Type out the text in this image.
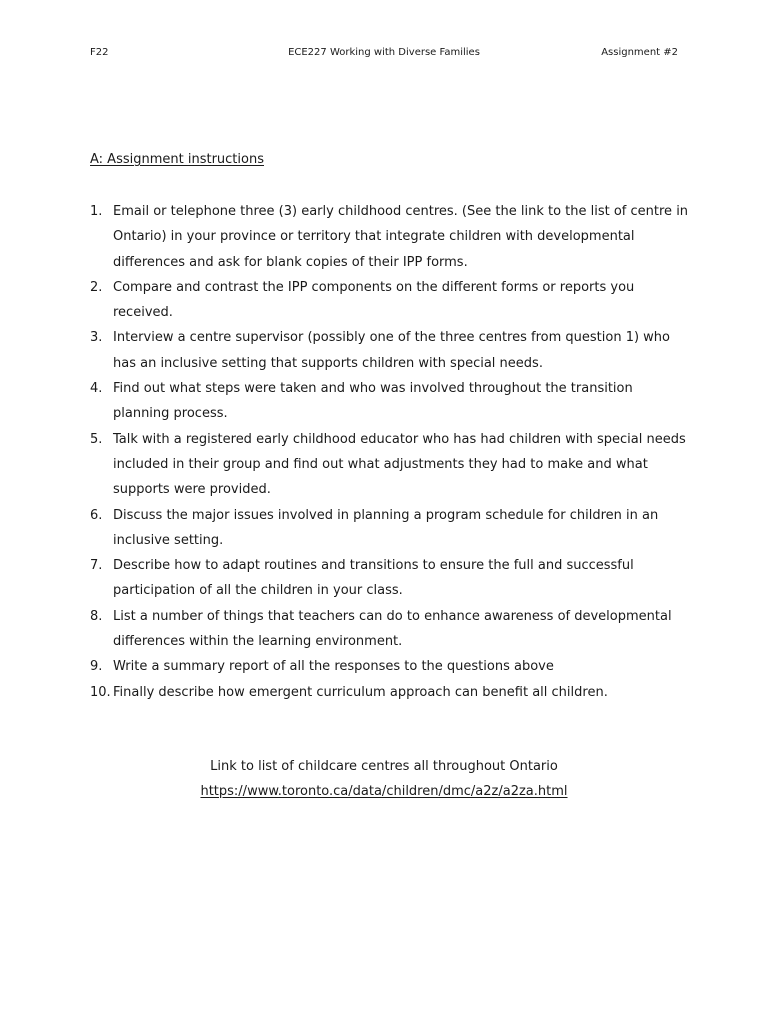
F22	ECE227 Working with Diverse Families	Assignment #2
A: Assignment instructions
1. Email or telephone three (3) early childhood centres. (See the link to the list of centre in Ontario) in your province or territory that integrate children with developmental differences and ask for blank copies of their IPP forms.
2. Compare and contrast the IPP components on the different forms or reports you received.
3. Interview a centre supervisor (possibly one of the three centres from question 1) who has an inclusive setting that supports children with special needs.
4. Find out what steps were taken and who was involved throughout the transition planning process.
5. Talk with a registered early childhood educator who has had children with special needs included in their group and find out what adjustments they had to make and what supports were provided.
6. Discuss the major issues involved in planning a program schedule for children in an inclusive setting.
7. Describe how to adapt routines and transitions to ensure the full and successful participation of all the children in your class.
8. List a number of things that teachers can do to enhance awareness of developmental differences within the learning environment.
9. Write a summary report of all the responses to the questions above
10. Finally describe how emergent curriculum approach can benefit all children.
Link to list of childcare centres all throughout Ontario
https://www.toronto.ca/data/children/dmc/a2z/a2za.html
